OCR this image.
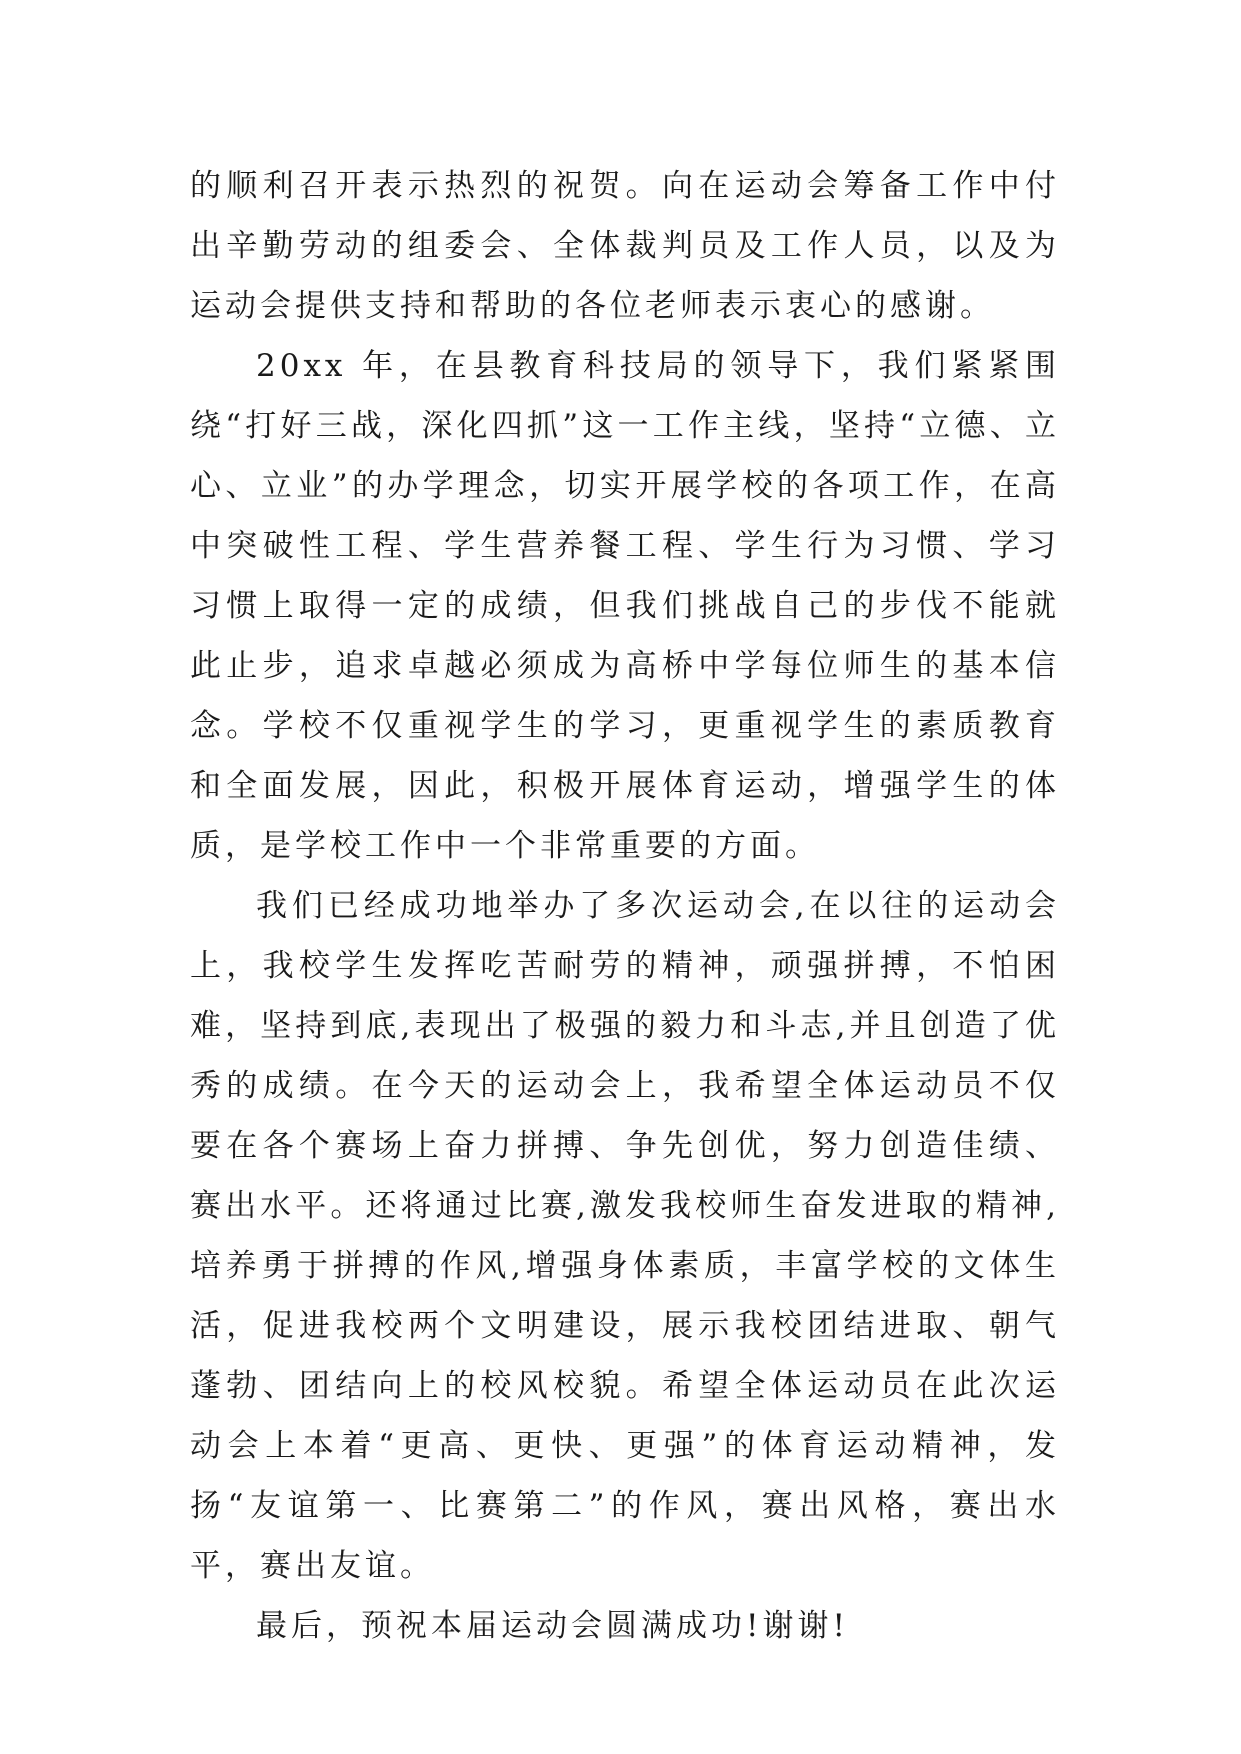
的顺利召开表示热烈的祝贺。向在运动会筹备工作中付出辛勤劳动的组委会、全体裁判员及工作人员，以及为运动会提供支持和帮助的各位老师表示衷心的感谢。

20xx 年，在县教育科技局的领导下，我们紧紧围绕“打好三战，深化四抓”这一工作主线，坚持“立德、立心、立业”的办学理念，切实开展学校的各项工作，在高中突破性工程、学生营养餐工程、学生行为习惯、学习习惯上取得一定的成绩，但我们挑战自己的步伐不能就此止步，追求卓越必须成为高桥中学每位师生的基本信念。学校不仅重视学生的学习，更重视学生的素质教育和全面发展，因此，积极开展体育运动，增强学生的体质，是学校工作中一个非常重要的方面。

我们已经成功地举办了多次运动会,在以往的运动会上，我校学生发挥吃苦耐劳的精神，顽强拼搏，不怕困难，坚持到底,表现出了极强的毅力和斗志,并且创造了优秀的成绩。在今天的运动会上，我希望全体运动员不仅要在各个赛场上奋力拼搏、争先创优，努力创造佳绩、赛出水平。还将通过比赛,激发我校师生奋发进取的精神,培养勇于拼搏的作风,增强身体素质，丰富学校的文体生活，促进我校两个文明建设，展示我校团结进取、朝气蓬勃、团结向上的校风校貌。希望全体运动员在此次运动会上本着“更高、更快、更强”的体育运动精神，发扬“友谊第一、比赛第二”的作风，赛出风格，赛出水平，赛出友谊。

最后，预祝本届运动会圆满成功!谢谢!
